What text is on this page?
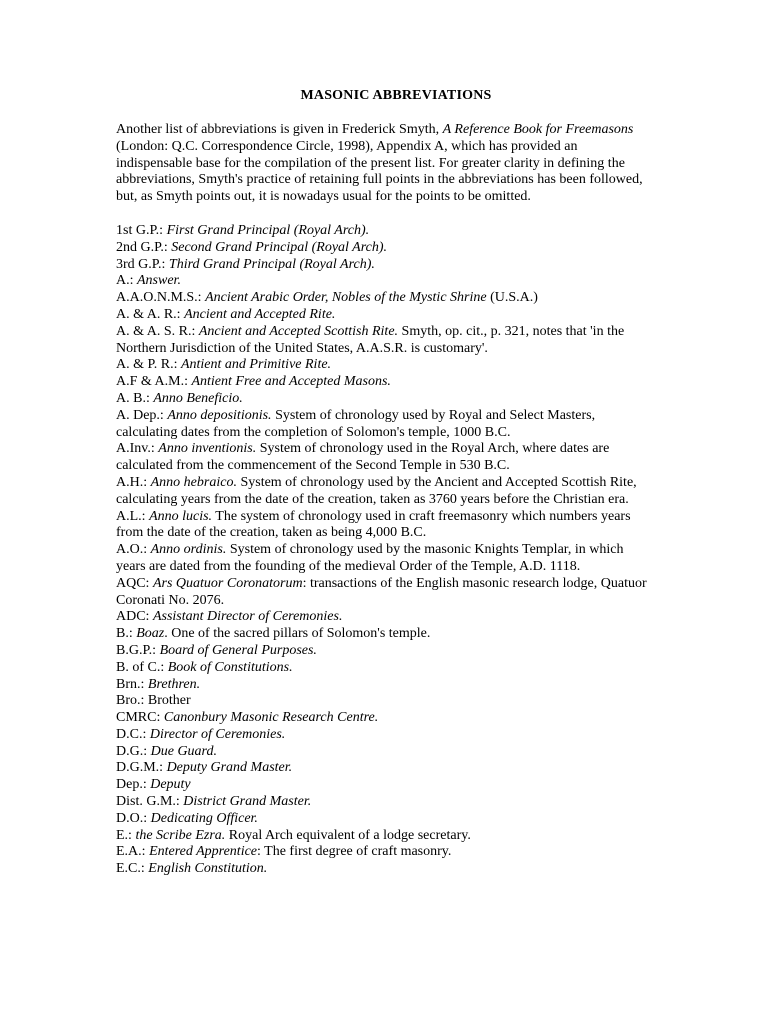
MASONIC ABBREVIATIONS

Another list of abbreviations is given in Frederick Smyth, A Reference Book for Freemasons (London: Q.C. Correspondence Circle, 1998), Appendix A, which has provided an indispensable base for the compilation of the present list. For greater clarity in defining the abbreviations, Smyth's practice of retaining full points in the abbreviations has been followed, but, as Smyth points out, it is nowadays usual for the points to be omitted.

1st G.P.: First Grand Principal (Royal Arch).

2nd G.P.: Second Grand Principal (Royal Arch).

3rd G.P.: Third Grand Principal (Royal Arch).

A.: Answer.

A.A.O.N.M.S.: Ancient Arabic Order, Nobles of the Mystic Shrine (U.S.A.)

A. & A. R.: Ancient and Accepted Rite.

A. & A. S. R.: Ancient and Accepted Scottish Rite. Smyth, op. cit., p. 321, notes that 'in the Northern Jurisdiction of the United States, A.A.S.R. is customary'.

A. & P. R.: Antient and Primitive Rite.

A.F & A.M.: Antient Free and Accepted Masons.

A. B.: Anno Beneficio.

A. Dep.: Anno depositionis. System of chronology used by Royal and Select Masters, calculating dates from the completion of Solomon's temple, 1000 B.C.

A.Inv.: Anno inventionis. System of chronology used in the Royal Arch, where dates are calculated from the commencement of the Second Temple in 530 B.C.

A.H.: Anno hebraico. System of chronology used by the Ancient and Accepted Scottish Rite, calculating years from the date of the creation, taken as 3760 years before the Christian era.

A.L.: Anno lucis. The system of chronology used in craft freemasonry which numbers years from the date of the creation, taken as being 4,000 B.C.

A.O.: Anno ordinis. System of chronology used by the masonic Knights Templar, in which years are dated from the founding of the medieval Order of the Temple, A.D. 1118.

AQC: Ars Quatuor Coronatorum: transactions of the English masonic research lodge, Quatuor Coronati No. 2076.

ADC: Assistant Director of Ceremonies.

B.: Boaz. One of the sacred pillars of Solomon's temple.

B.G.P.: Board of General Purposes.

B. of C.: Book of Constitutions.

Brn.: Brethren.

Bro.: Brother

CMRC: Canonbury Masonic Research Centre.

D.C.: Director of Ceremonies.

D.G.: Due Guard.

D.G.M.: Deputy Grand Master.

Dep.: Deputy

Dist. G.M.: District Grand Master.

D.O.: Dedicating Officer.

E.: the Scribe Ezra. Royal Arch equivalent of a lodge secretary.

E.A.: Entered Apprentice: The first degree of craft masonry.

E.C.: English Constitution.
